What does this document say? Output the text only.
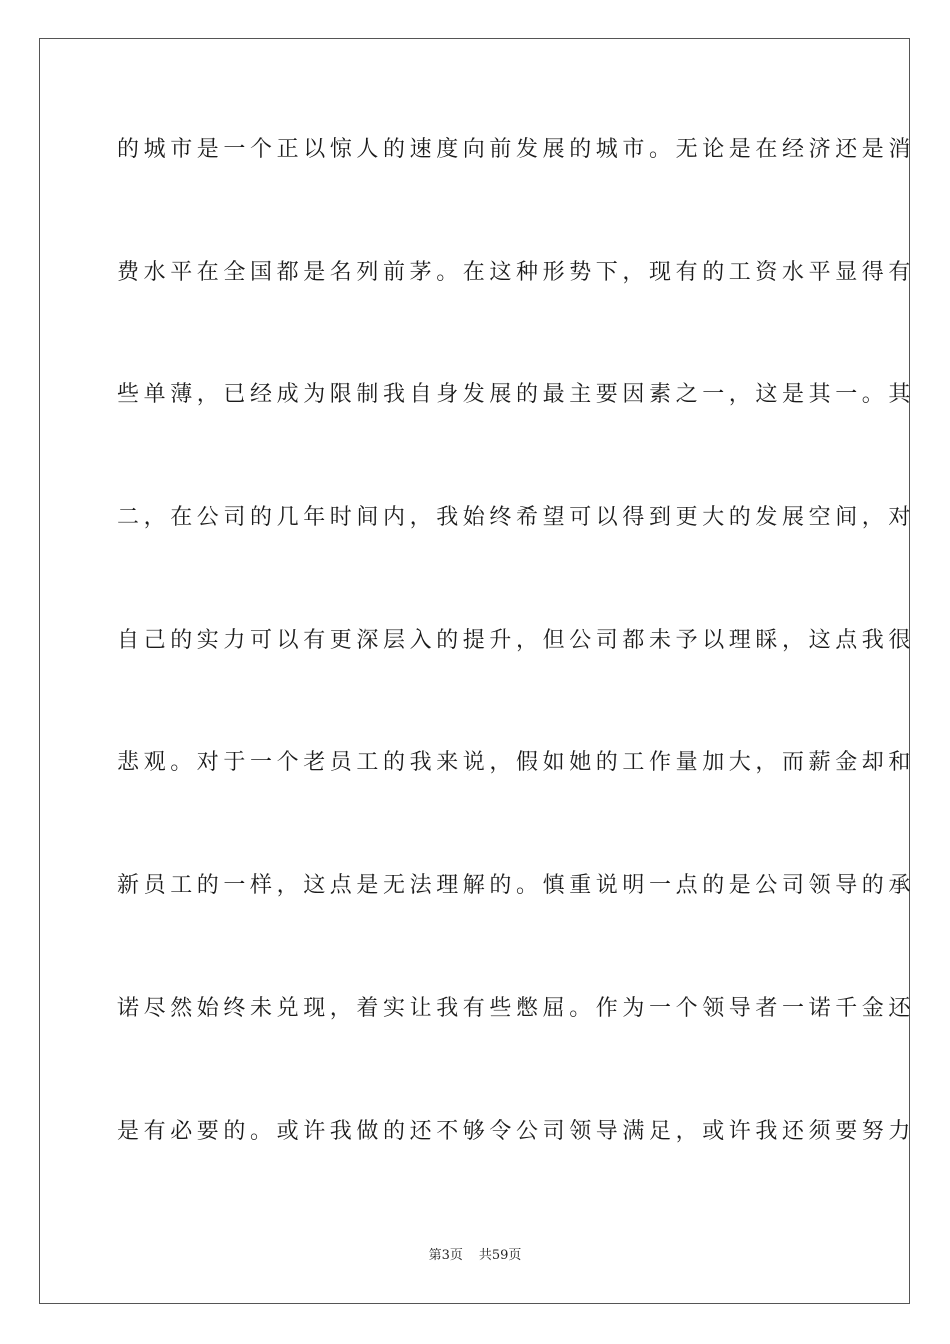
的城市是一个正以惊人的速度向前发展的城市。无论是在经济还是消
费水平在全国都是名列前茅。在这种形势下，现有的工资水平显得有
些单薄，已经成为限制我自身发展的最主要因素之一，这是其一。其
二，在公司的几年时间内，我始终希望可以得到更大的发展空间，对
自己的实力可以有更深层入的提升，但公司都未予以理睬，这点我很
悲观。对于一个老员工的我来说，假如她的工作量加大，而薪金却和
新员工的一样，这点是无法理解的。慎重说明一点的是公司领导的承
诺尽然始终未兑现，着实让我有些憋屈。作为一个领导者一诺千金还
是有必要的。或许我做的还不够令公司领导满足，或许我还须要努力
第3页 共59页
